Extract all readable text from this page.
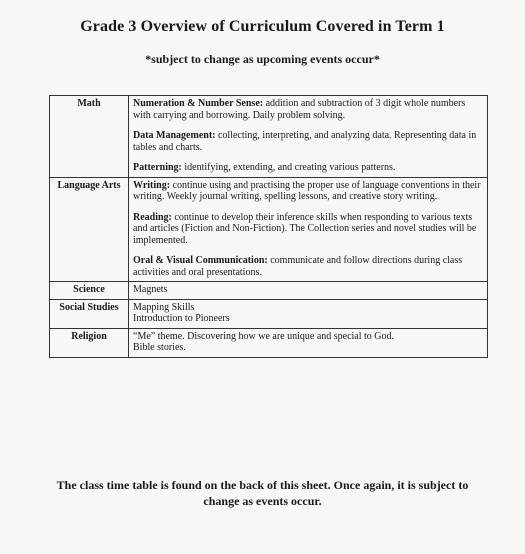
Grade 3 Overview of Curriculum Covered in Term 1
*subject to change as upcoming events occur*
Math	Numeration & Number Sense: addition and subtraction of 3 digit whole numbers with carrying and borrowing. Daily problem solving.

Data Management: collecting, interpreting, and analyzing data. Representing data in tables and charts.

Patterning: identifying, extending, and creating various patterns.

Language Arts	Writing: continue using and practising the proper use of language conventions in their writing. Weekly journal writing, spelling lessons, and creative story writing.

Reading: continue to develop their inference skills when responding to various texts and articles (Fiction and Non-Fiction). The Collection series and novel studies will be implemented.

Oral & Visual Communication: communicate and follow directions during class activities and oral presentations.

Science	Magnets

Social Studies	Mapping Skills
Introduction to Pioneers

Religion	“Me” theme. Discovering how we are unique and special to God.
Bible stories.
The class time table is found on the back of this sheet. Once again, it is subject to change as events occur.
